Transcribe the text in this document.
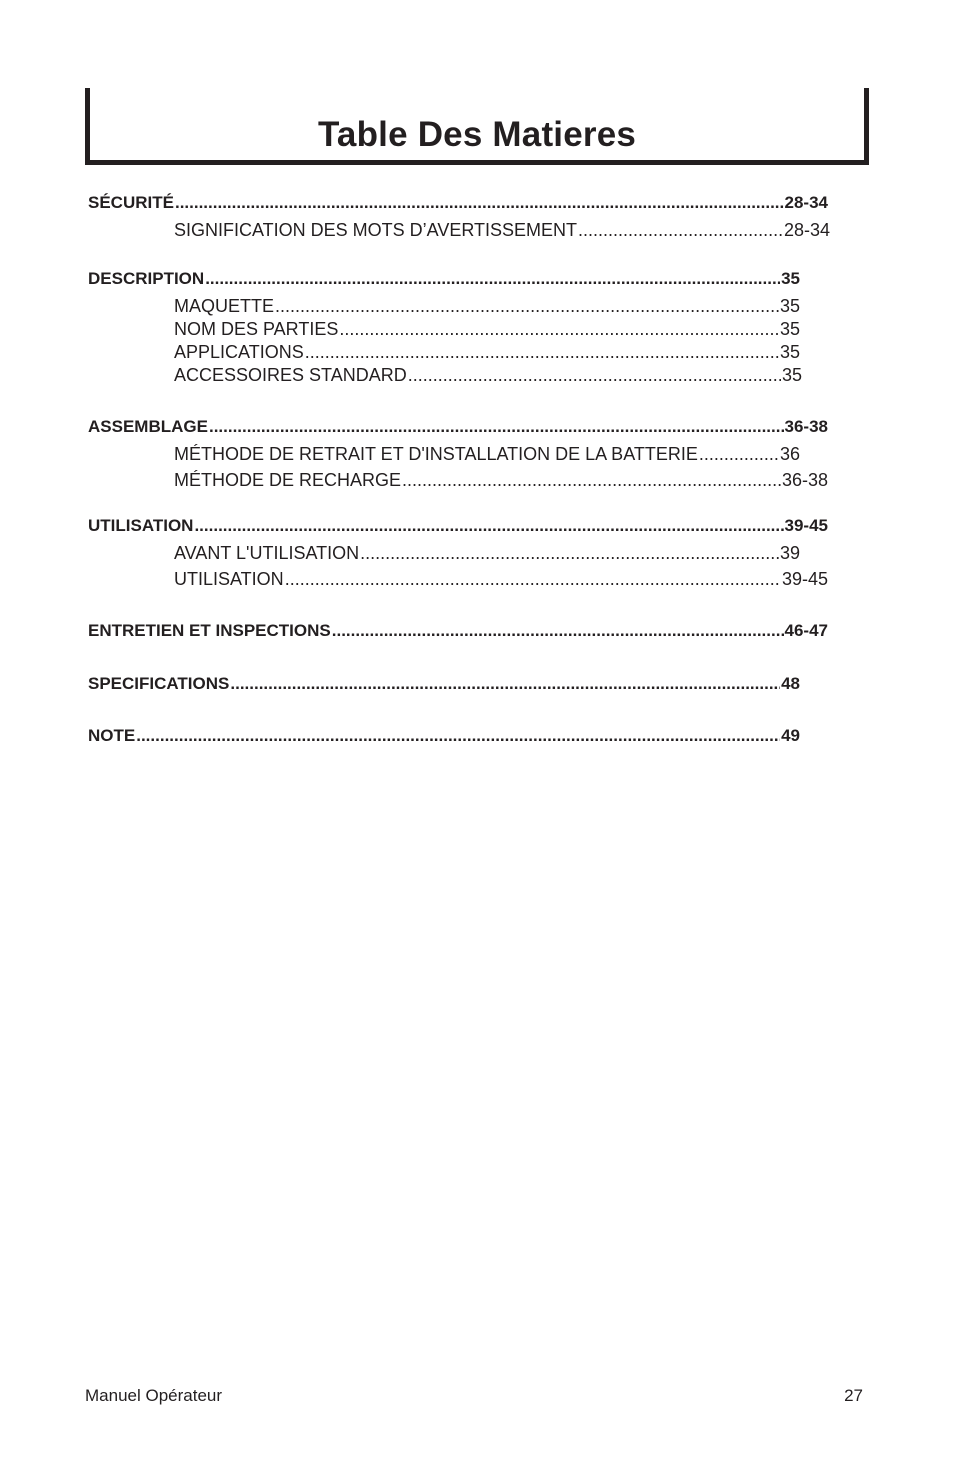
Table Des Matieres
SÉCURITÉ .....	28-34
SIGNIFICATION DES MOTS D’AVERTISSEMENT .....	28-34
DESCRIPTION .....	35
MAQUETTE .....	35
NOM DES PARTIES .....	35
APPLICATIONS .....	35
ACCESSOIRES STANDARD .....	35
ASSEMBLAGE .....	36-38
MÉTHODE DE RETRAIT ET D'INSTALLATION DE LA BATTERIE .....	36
MÉTHODE DE RECHARGE .....	36-38
UTILISATION .....	39-45
AVANT L'UTILISATION .....	39
UTILISATION .....	39-45
ENTRETIEN ET INSPECTIONS .....	46-47
SPECIFICATIONS .....	48
NOTE .....	49
Manuel Opérateur	27
